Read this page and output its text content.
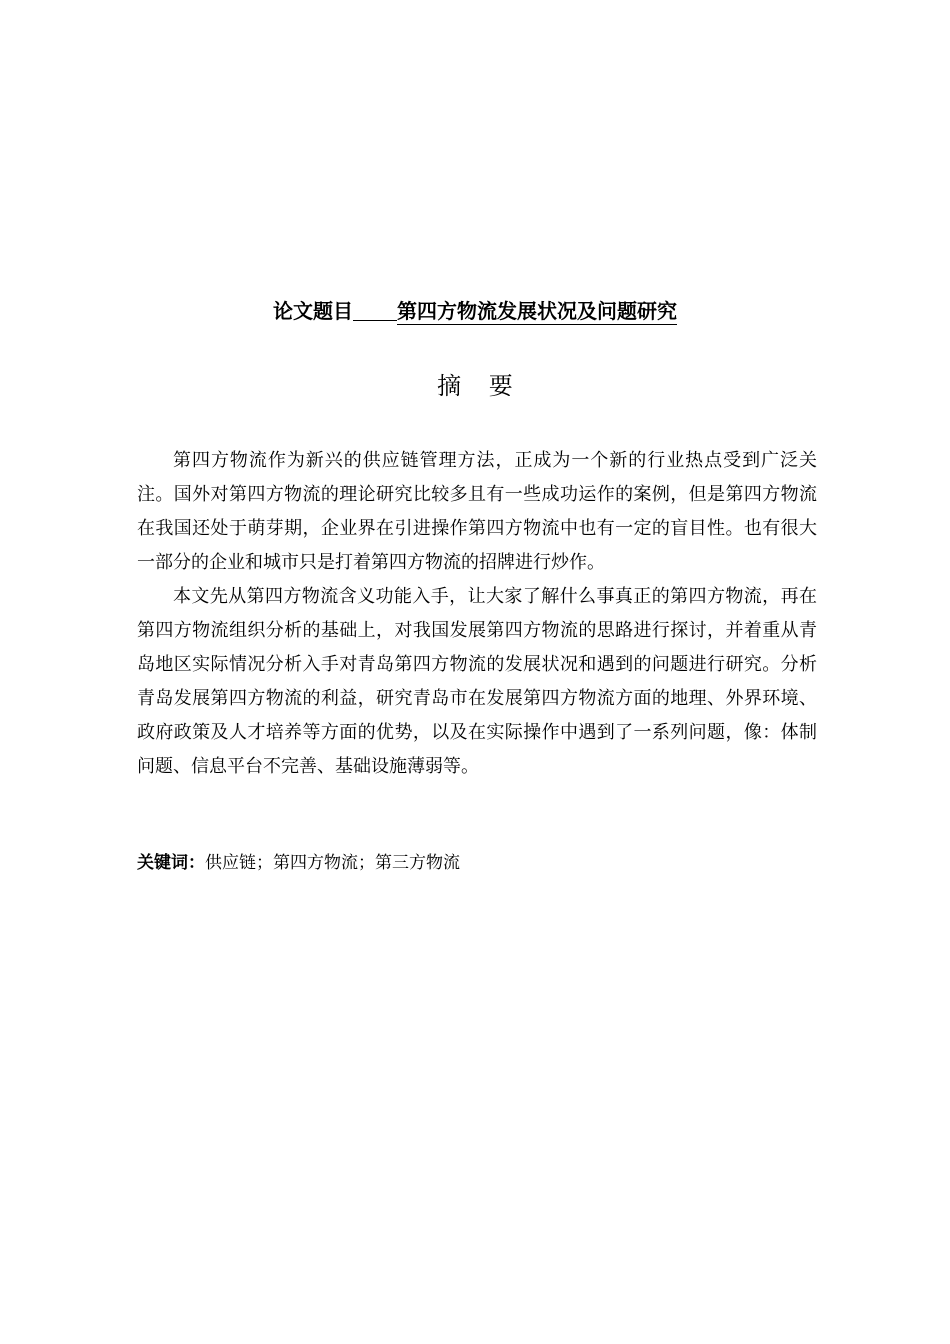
论文题目 第四方物流发展状况及问题研究
摘 要

第四方物流作为新兴的供应链管理方法，正成为一个新的行业热点受到广泛关注。国外对第四方物流的理论研究比较多且有一些成功运作的案例，但是第四方物流在我国还处于萌芽期，企业界在引进操作第四方物流中也有一定的盲目性。也有很大一部分的企业和城市只是打着第四方物流的招牌进行炒作。

本文先从第四方物流含义功能入手，让大家了解什么事真正的第四方物流，再在第四方物流组织分析的基础上，对我国发展第四方物流的思路进行探讨，并着重从青岛地区实际情况分析入手对青岛第四方物流的发展状况和遇到的问题进行研究。分析青岛发展第四方物流的利益，研究青岛市在发展第四方物流方面的地理、外界环境、政府政策及人才培养等方面的优势，以及在实际操作中遇到了一系列问题，像：体制问题、信息平台不完善、基础设施薄弱等。

关键词：供应链；第四方物流；第三方物流
